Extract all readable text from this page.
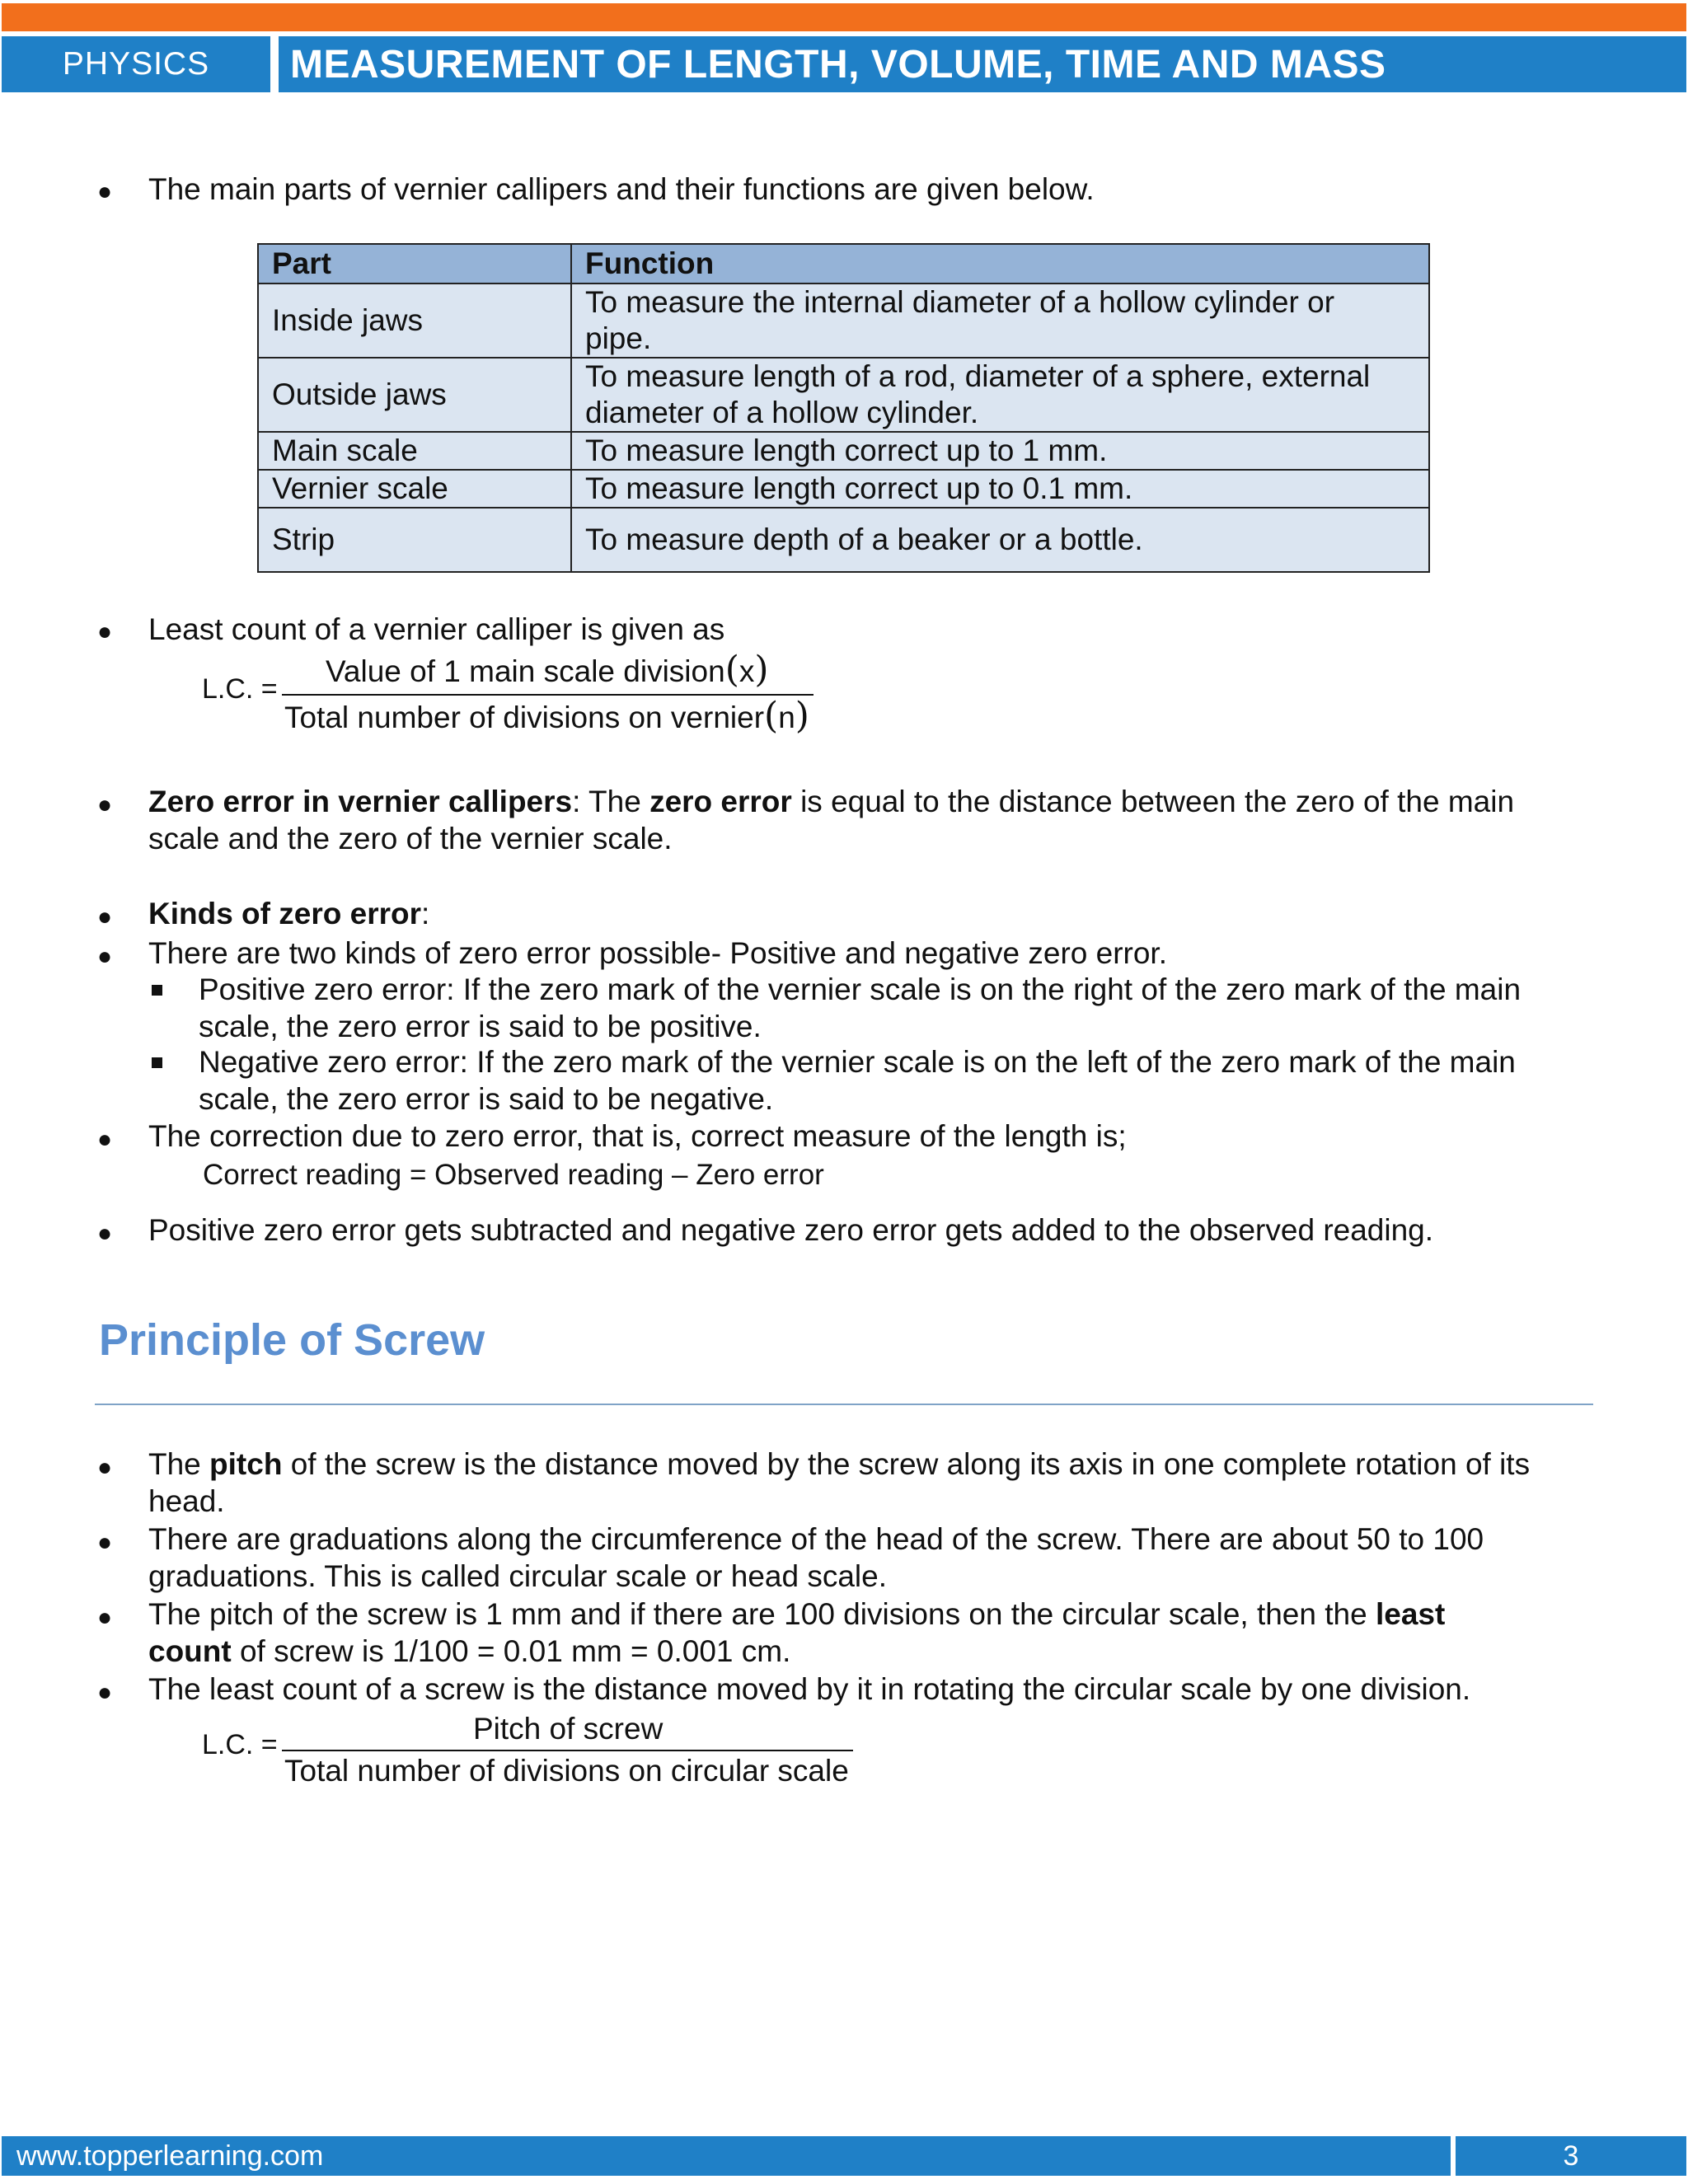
PHYSICS	MEASUREMENT OF LENGTH, VOLUME, TIME AND MASS
● The main parts of vernier callipers and their functions are given below.
Part	Function
Inside jaws	To measure the internal diameter of a hollow cylinder or
pipe.

Outside jaws	To measure length of a rod, diameter of a sphere, external
diameter of a hollow cylinder.

Main scale	To measure length correct up to 1 mm.
Vernier scale	To measure length correct up to 0.1 mm.
Strip	To measure depth of a beaker or a bottle.
● Least count of a vernier calliper is given as
L.C. =
Value of 1 main scale division(x)
Total number of divisions on vernier(n)
● Zero error in vernier callipers: The zero error is equal to the distance between the zero of the main
scale and the zero of the vernier scale.
● Kinds of zero error:
● There are two kinds of zero error possible- Positive and negative zero error.
Positive zero error: If the zero mark of the vernier scale is on the right of the zero mark of the main
scale, the zero error is said to be positive.
Negative zero error: If the zero mark of the vernier scale is on the left of the zero mark of the main
scale, the zero error is said to be negative.
● The correction due to zero error, that is, correct measure of the length is;
Correct reading = Observed reading – Zero error
● Positive zero error gets subtracted and negative zero error gets added to the observed reading.
Principle of Screw
● The pitch of the screw is the distance moved by the screw along its axis in one complete rotation of its
head.
● There are graduations along the circumference of the head of the screw. There are about 50 to 100
graduations. This is called circular scale or head scale.
● The pitch of the screw is 1 mm and if there are 100 divisions on the circular scale, then the least
count of screw is 1/100 = 0.01 mm = 0.001 cm.
● The least count of a screw is the distance moved by it in rotating the circular scale by one division.
L.C. =	Pitch of screw
Total number of divisions on circular scale
www.topperlearning.com	3
